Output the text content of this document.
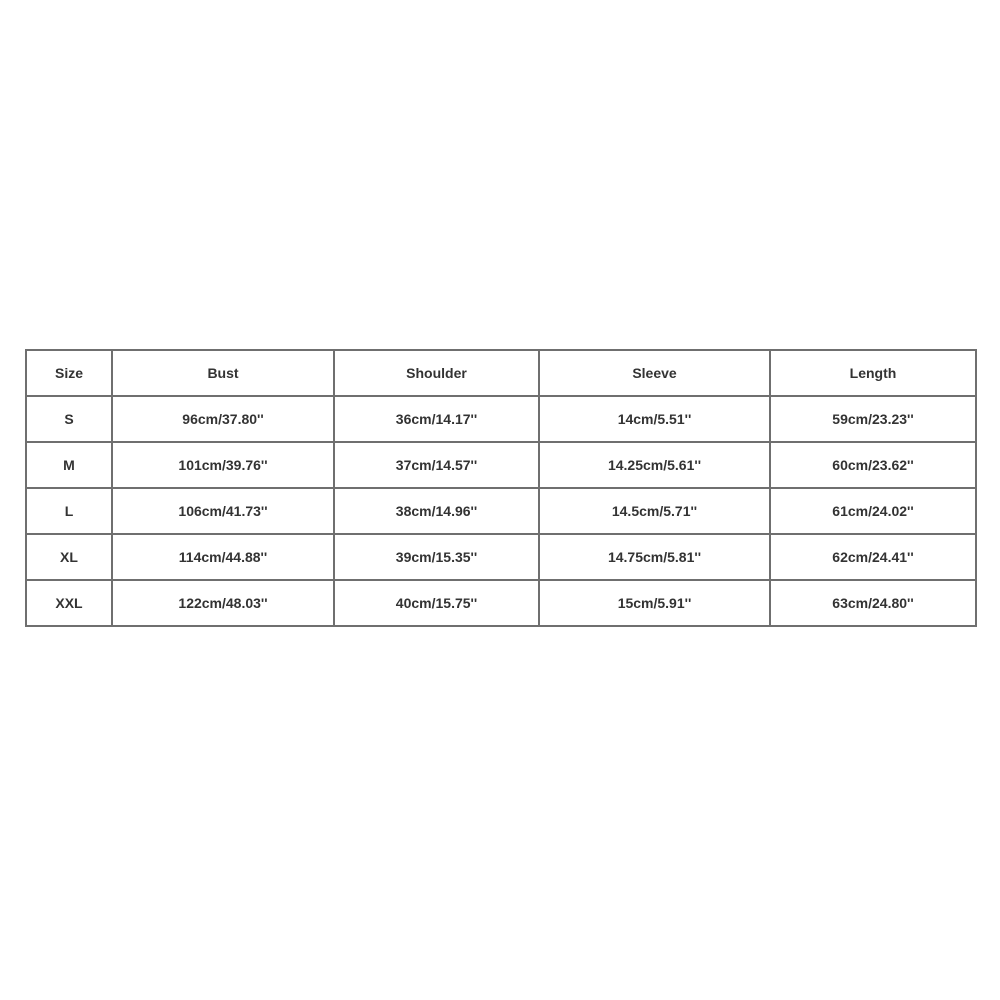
Size	Bust	Shoulder	Sleeve	Length
S	96cm/37.80''	36cm/14.17''	14cm/5.51''	59cm/23.23''
M	101cm/39.76''	37cm/14.57''	14.25cm/5.61''	60cm/23.62''
L	106cm/41.73''	38cm/14.96''	14.5cm/5.71''	61cm/24.02''
XL	114cm/44.88''	39cm/15.35''	14.75cm/5.81''	62cm/24.41''
XXL	122cm/48.03''	40cm/15.75''	15cm/5.91''	63cm/24.80''
